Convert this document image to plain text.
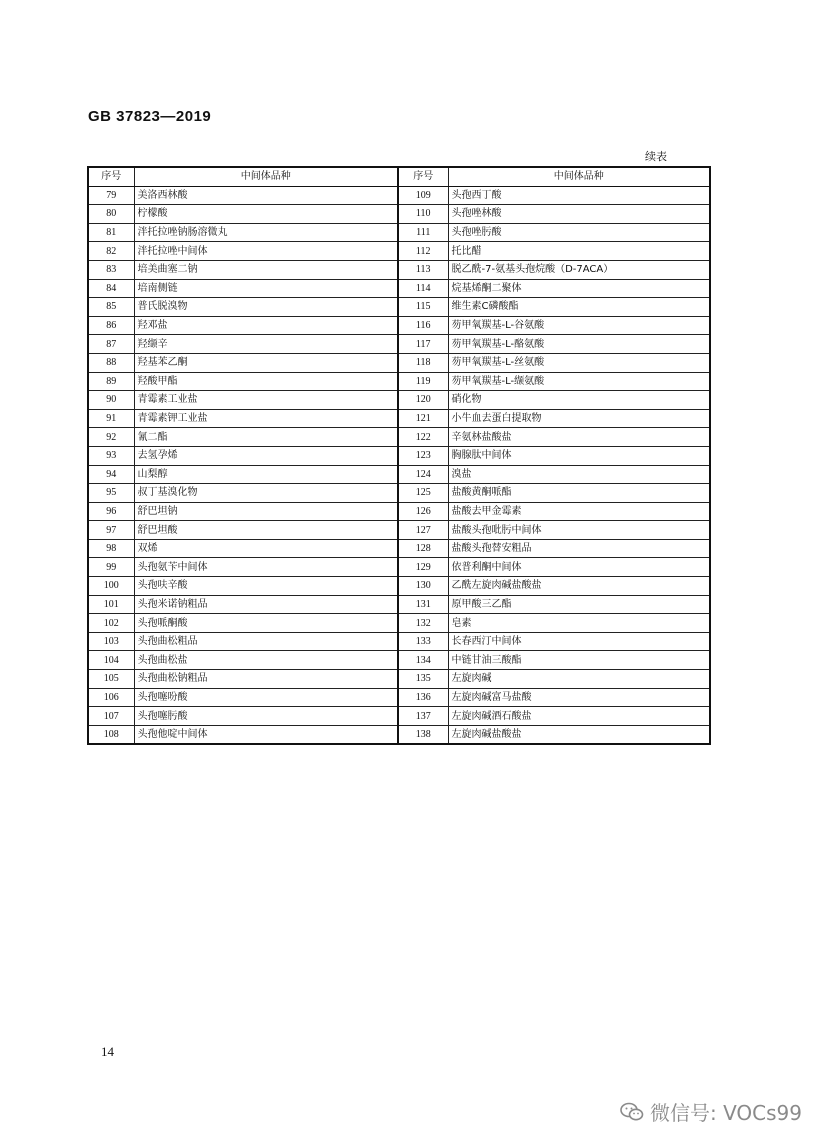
GB 37823—2019
续表
序号	中间体品种	序号	中间体品种
79	美洛西林酸	109	头孢西丁酸
80	柠檬酸	110	头孢唑林酸
81	泮托拉唑钠肠溶微丸	111	头孢唑肟酸
82	泮托拉唑中间体	112	托比醋
83	培美曲塞二钠	113	脱乙酰-7-氨基头孢烷酸（D-7ACA）
84	培南侧链	114	烷基烯酮二聚体
85	普氏脱溴物	115	维生素C磷酸酯
86	羟邓盐	116	芴甲氧羰基-L-谷氨酸
87	羟缬辛	117	芴甲氧羰基-L-酪氨酸
88	羟基苯乙酮	118	芴甲氧羰基-L-丝氨酸
89	羟酸甲酯	119	芴甲氧羰基-L-缬氨酸
90	青霉素工业盐	120	硝化物
91	青霉素钾工业盐	121	小牛血去蛋白提取物
92	氰二酯	122	辛氨林盐酸盐
93	去氢孕烯	123	胸腺肽中间体
94	山梨醇	124	溴盐
95	叔丁基溴化物	125	盐酸黄酮哌酯
96	舒巴坦钠	126	盐酸去甲金霉素
97	舒巴坦酸	127	盐酸头孢吡肟中间体
98	双烯	128	盐酸头孢替安粗品
99	头孢氨苄中间体	129	依普利酮中间体
100	头孢呋辛酸	130	乙酰左旋肉碱盐酸盐
101	头孢米诺钠粗品	131	原甲酸三乙酯
102	头孢哌酮酸	132	皂素
103	头孢曲松粗品	133	长春西汀中间体
104	头孢曲松盐	134	中链甘油三酸酯
105	头孢曲松钠粗品	135	左旋肉碱
106	头孢噻吩酸	136	左旋肉碱富马盐酸
107	头孢噻肟酸	137	左旋肉碱酒石酸盐
108	头孢他啶中间体	138	左旋肉碱盐酸盐
14
微信号: VOCs99
